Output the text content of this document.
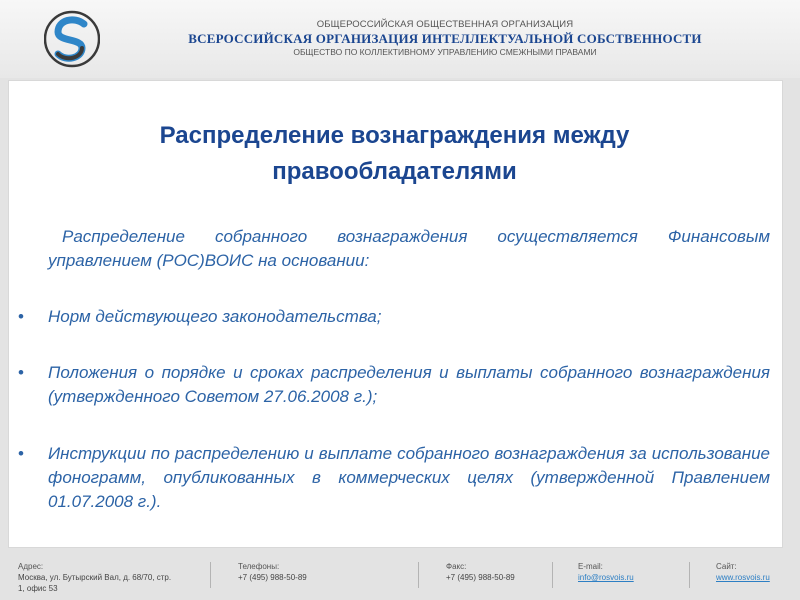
ОБЩЕРОССИЙСКАЯ ОБЩЕСТВЕННАЯ ОРГАНИЗАЦИЯ
ВСЕРОССИЙСКАЯ ОРГАНИЗАЦИЯ ИНТЕЛЛЕКТУАЛЬНОЙ СОБСТВЕННОСТИ
ОБЩЕСТВО ПО КОЛЛЕКТИВНОМУ УПРАВЛЕНИЮ СМЕЖНЫМИ ПРАВАМИ
Распределение вознаграждения между
правообладателями
Распределение собранного вознаграждения осуществляется Финансовым управлением (РОС)ВОИС на основании:
• Норм действующего законодательства;
• Положения о порядке и сроках распределения и выплаты собранного вознаграждения (утвержденного Советом 27.06.2008 г.);
• Инструкции по распределению и выплате собранного вознаграждения за использование фонограмм, опубликованных в коммерческих целях (утвержденной Правлением 01.07.2008 г.).
Адрес:
Москва, ул. Бутырский Вал, д. 68/70, стр.
1, офис 53
Телефоны:
+7 (495) 988-50-89
Факс:
+7 (495) 988-50-89
E-mail:
info@rosvois.ru
Сайт:
www.rosvois.ru
